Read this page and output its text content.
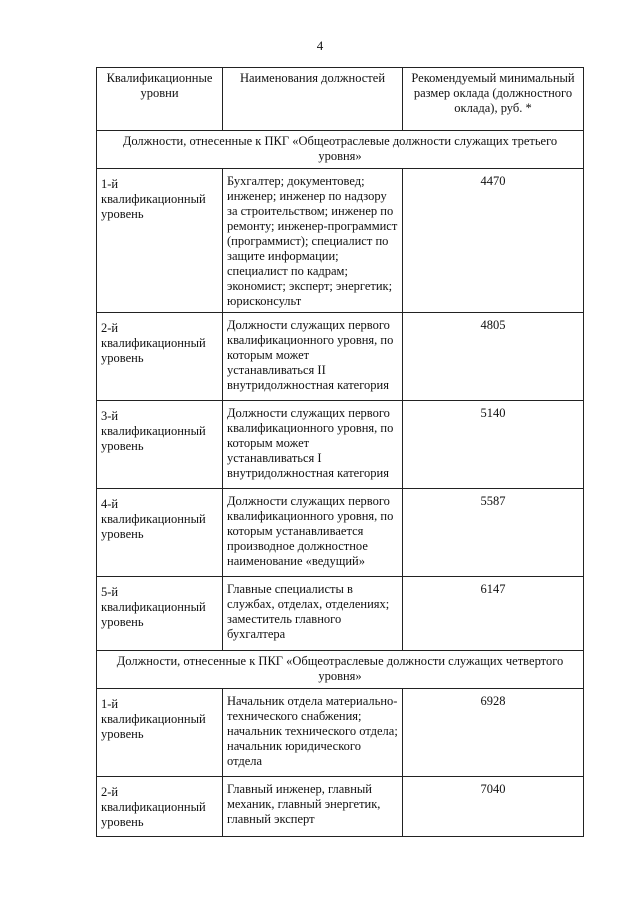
4
Квалификационные уровни	Наименования должностей	Рекомендуемый минимальный размер оклада (должностного оклада), руб. *
Должности, отнесенные к ПКГ «Общеотраслевые должности служащих третьего уровня»		
1-й квалификационный уровень	Бухгалтер; документовед; инженер; инженер по надзору за строительством; инженер по ремонту; инженер-программист (программист); специалист по защите информации; специалист по кадрам; экономист; эксперт; энергетик; юрисконсульт	4470
2-й квалификационный уровень	Должности служащих первого квалификационного уровня, по которым может устанавливаться II внутридолжностная категория	4805
3-й квалификационный уровень	Должности служащих первого квалификационного уровня, по которым может устанавливаться I внутридолжностная категория	5140
4-й квалификационный уровень	Должности служащих первого квалификационного уровня, по которым устанавливается производное должностное наименование «ведущий»	5587
5-й квалификационный уровень	Главные специалисты в службах, отделах, отделениях; заместитель главного бухгалтера	6147
Должности, отнесенные к ПКГ «Общеотраслевые должности служащих четвертого уровня»		
1-й квалификационный уровень	Начальник отдела материально-технического снабжения; начальник технического отдела; начальник юридического отдела	6928
2-й квалификационный уровень	Главный инженер, главный механик, главный энергетик, главный эксперт	7040
